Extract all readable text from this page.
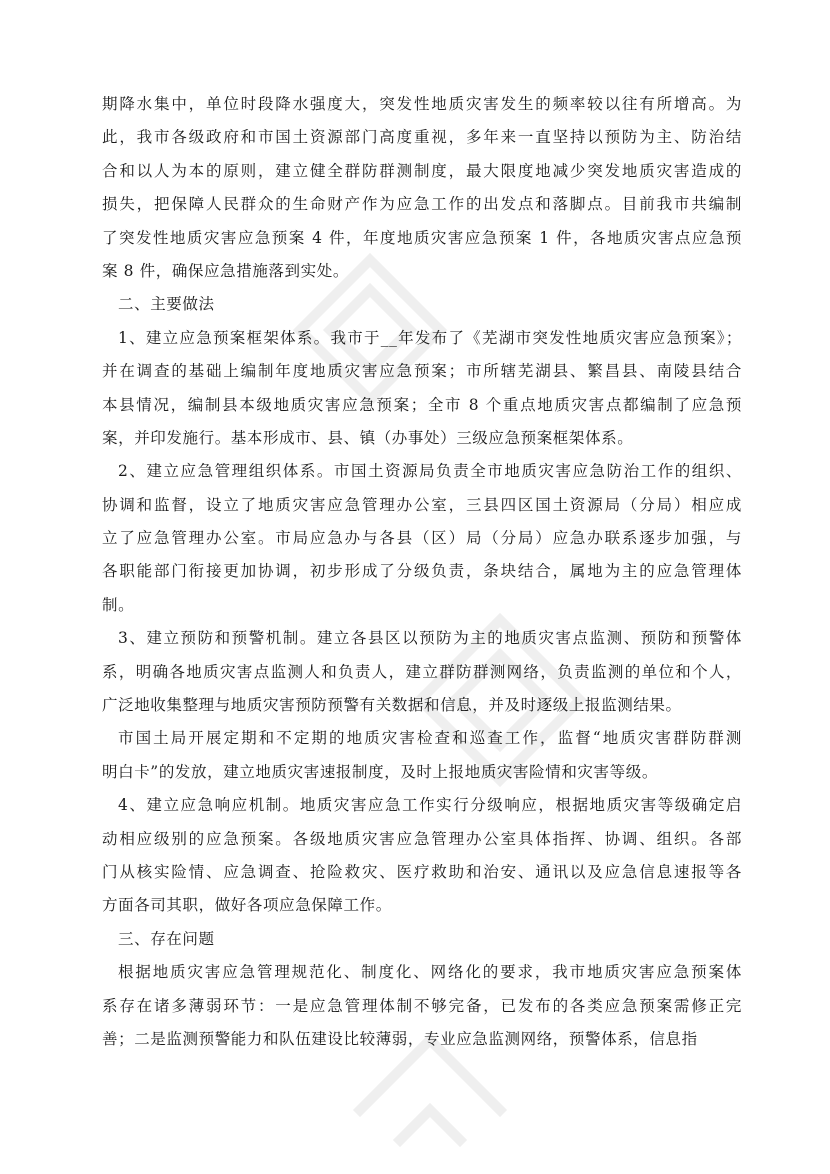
期降水集中，单位时段降水强度大，突发性地质灾害发生的频率较以往有所增高。为
此，我市各级政府和市国土资源部门高度重视，多年来一直坚持以预防为主、防治结
合和以人为本的原则，建立健全群防群测制度，最大限度地减少突发地质灾害造成的
损失，把保障人民群众的生命财产作为应急工作的出发点和落脚点。目前我市共编制
了突发性地质灾害应急预案 4 件，年度地质灾害应急预案 1 件，各地质灾害点应急预
案 8 件，确保应急措施落到实处。
二、主要做法
1、建立应急预案框架体系。我市于__年发布了《芜湖市突发性地质灾害应急预案》；
并在调查的基础上编制年度地质灾害应急预案；市所辖芜湖县、繁昌县、南陵县结合
本县情况，编制县本级地质灾害应急预案；全市 8 个重点地质灾害点都编制了应急预
案，并印发施行。基本形成市、县、镇（办事处）三级应急预案框架体系。
2、建立应急管理组织体系。市国土资源局负责全市地质灾害应急防治工作的组织、
协调和监督，设立了地质灾害应急管理办公室，三县四区国土资源局（分局）相应成
立了应急管理办公室。市局应急办与各县（区）局（分局）应急办联系逐步加强，与
各职能部门衔接更加协调，初步形成了分级负责，条块结合，属地为主的应急管理体
制。
3、建立预防和预警机制。建立各县区以预防为主的地质灾害点监测、预防和预警体
系，明确各地质灾害点监测人和负责人，建立群防群测网络，负责监测的单位和个人，
广泛地收集整理与地质灾害预防预警有关数据和信息，并及时逐级上报监测结果。
市国土局开展定期和不定期的地质灾害检查和巡查工作，监督“地质灾害群防群测
明白卡”的发放，建立地质灾害速报制度，及时上报地质灾害险情和灾害等级。
4、建立应急响应机制。地质灾害应急工作实行分级响应，根据地质灾害等级确定启
动相应级别的应急预案。各级地质灾害应急管理办公室具体指挥、协调、组织。各部
门从核实险情、应急调查、抢险救灾、医疗救助和治安、通讯以及应急信息速报等各
方面各司其职，做好各项应急保障工作。
三、存在问题
根据地质灾害应急管理规范化、制度化、网络化的要求，我市地质灾害应急预案体
系存在诸多薄弱环节：一是应急管理体制不够完备，已发布的各类应急预案需修正完
善；二是监测预警能力和队伍建设比较薄弱，专业应急监测网络，预警体系，信息指
